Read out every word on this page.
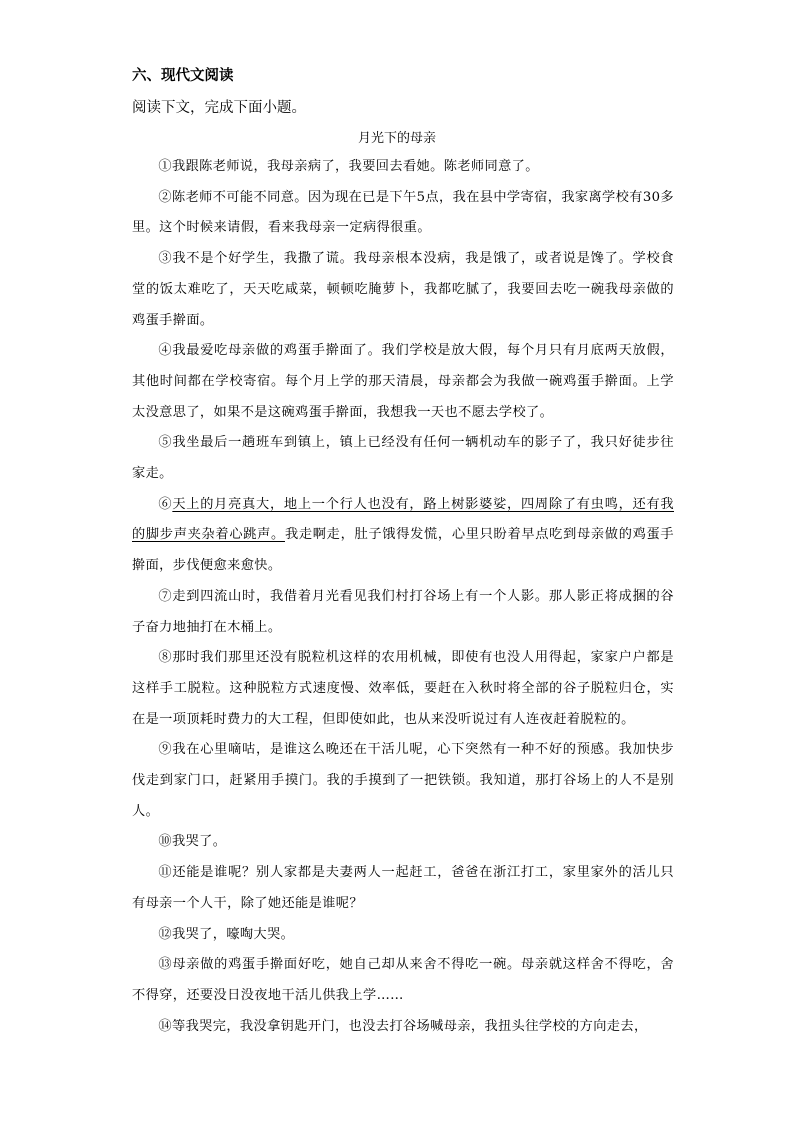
六、现代文阅读
阅读下文，完成下面小题。
月光下的母亲

①我跟陈老师说，我母亲病了，我要回去看她。陈老师同意了。

②陈老师不可能不同意。因为现在已是下午5点，我在县中学寄宿，我家离学校有30多里。这个时候来请假，看来我母亲一定病得很重。

③我不是个好学生，我撒了谎。我母亲根本没病，我是饿了，或者说是馋了。学校食堂的饭太难吃了，天天吃咸菜，顿顿吃腌萝卜，我都吃腻了，我要回去吃一碗我母亲做的鸡蛋手擀面。

④我最爱吃母亲做的鸡蛋手擀面了。我们学校是放大假，每个月只有月底两天放假，其他时间都在学校寄宿。每个月上学的那天清晨，母亲都会为我做一碗鸡蛋手擀面。上学太没意思了，如果不是这碗鸡蛋手擀面，我想我一天也不愿去学校了。

⑤我坐最后一趟班车到镇上，镇上已经没有任何一辆机动车的影子了，我只好徒步往家走。

⑥天上的月亮真大，地上一个行人也没有，路上树影婆娑，四周除了有虫鸣，还有我的脚步声夹杂着心跳声。我走啊走，肚子饿得发慌，心里只盼着早点吃到母亲做的鸡蛋手擀面，步伐便愈来愈快。

⑦走到四流山时，我借着月光看见我们村打谷场上有一个人影。那人影正将成捆的谷子奋力地抽打在木桶上。

⑧那时我们那里还没有脱粒机这样的农用机械，即使有也没人用得起，家家户户都是这样手工脱粒。这种脱粒方式速度慢、效率低，要赶在入秋时将全部的谷子脱粒归仓，实在是一项顶耗时费力的大工程，但即使如此，也从来没听说过有人连夜赶着脱粒的。

⑨我在心里嘀咕，是谁这么晚还在干活儿呢，心下突然有一种不好的预感。我加快步伐走到家门口，赶紧用手摸门。我的手摸到了一把铁锁。我知道，那打谷场上的人不是别人。

⑩我哭了。

⑪还能是谁呢？别人家都是夫妻两人一起赶工，爸爸在浙江打工，家里家外的活儿只有母亲一个人干，除了她还能是谁呢？

⑫我哭了，嚎啕大哭。

⑬母亲做的鸡蛋手擀面好吃，她自己却从来舍不得吃一碗。母亲就这样舍不得吃，舍不得穿，还要没日没夜地干活儿供我上学……

⑭等我哭完，我没拿钥匙开门，也没去打谷场喊母亲，我扭头往学校的方向走去，
